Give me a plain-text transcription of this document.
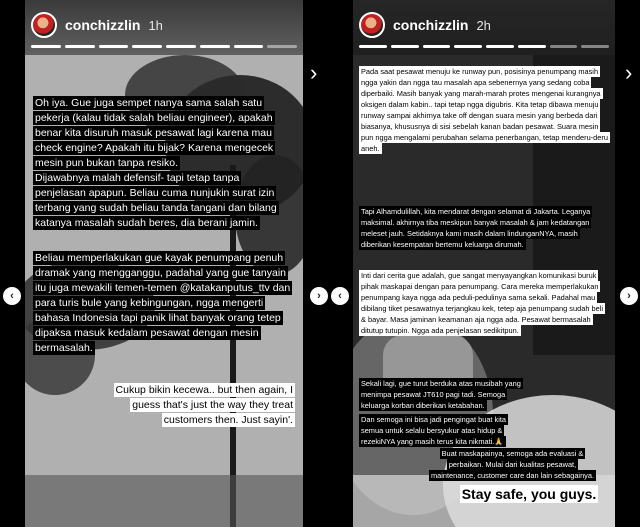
conchizzlin 1h
Oh iya. Gue juga sempet nanya sama salah satu pekerja (kalau tidak salah beliau engineer), apakah benar kita disuruh masuk pesawat lagi karena mau check engine? Apakah itu bijak? Karena mengecek mesin pun bukan tanpa resiko.
Dijawabnya malah defensif- tapi tetap tanpa penjelasan apapun. Beliau cuma nunjukin surat izin terbang yang sudah beliau tanda tangani dan bilang katanya masalah sudah beres, dia berani jamin.
Beliau memperlakukan gue kayak penumpang penuh dramak yang mengganggu, padahal yang gue tanyain itu juga mewakili temen-temen @katakanputus_ttv dan para turis bule yang kebingungan, ngga mengerti bahasa Indonesia tapi panik lihat banyak orang tetep dipaksa masuk kedalam pesawat dengan mesin bermasalah.
Cukup bikin kecewa.. but then again, I guess that's just the way they treat customers then. Just sayin'.
conchizzlin 2h
Pada saat pesawat menuju ke runway pun, posisinya penumpang masih ngga yakin dan ngga tau masalah apa sebenernya yang sedang coba diperbaiki. Masih banyak yang marah-marah protes mengenai kurangnya oksigen dalam kabin.. tapi tetap ngga digubris. Kita tetap dibawa menuju runway sampai akhirnya take off dengan suara mesin yang berbeda dari biasanya, khususnya di sisi sebelah kanan badan pesawat. Suara mesin pun ngga mengalami perubahan selama penerbangan, tetap menderu-deru aneh.
Tapi Alhamdulillah, kita mendarat dengan selamat di Jakarta. Leganya maksimal. akhirnya tiba meskipun banyak masalah & jam kedatangan meleset jauh. Setidaknya kami masih dalam lindunganNYA, masih diberikan kesempatan bertemu keluarga dirumah.
Inti dari cerita gue adalah, gue sangat menyayangkan komunikasi buruk pihak maskapai dengan para penumpang. Cara mereka memperlakukan penumpang kaya ngga ada peduli-pedulinya sama sekali. Padahal mau dibilang tiket pesawatnya terjangkau kek, tetep aja penumpang sudah beli & bayar. Masa jaminan keamanan aja ngga ada. Pesawat bermasalah ditutup tutupin. Ngga ada penjelasan sedikitpun.
Sekali lagi, gue turut berduka atas musibah yang menimpa pesawat JT610 pagi tadi. Semoga keluarga korban diberikan ketabahan.
Dan semoga ini bisa jadi pengingat buat kita semua untuk selalu bersyukur atas hidup & rezekiNYA yang masih terus kita nikmati.🙏
Buat maskapainya, semoga ada evaluasi & perbaikan. Mulai dari kualitas pesawat, maintenance, customer care dan lain sebagainya.
Stay safe, you guys.
›	›
‹	›	‹	›
